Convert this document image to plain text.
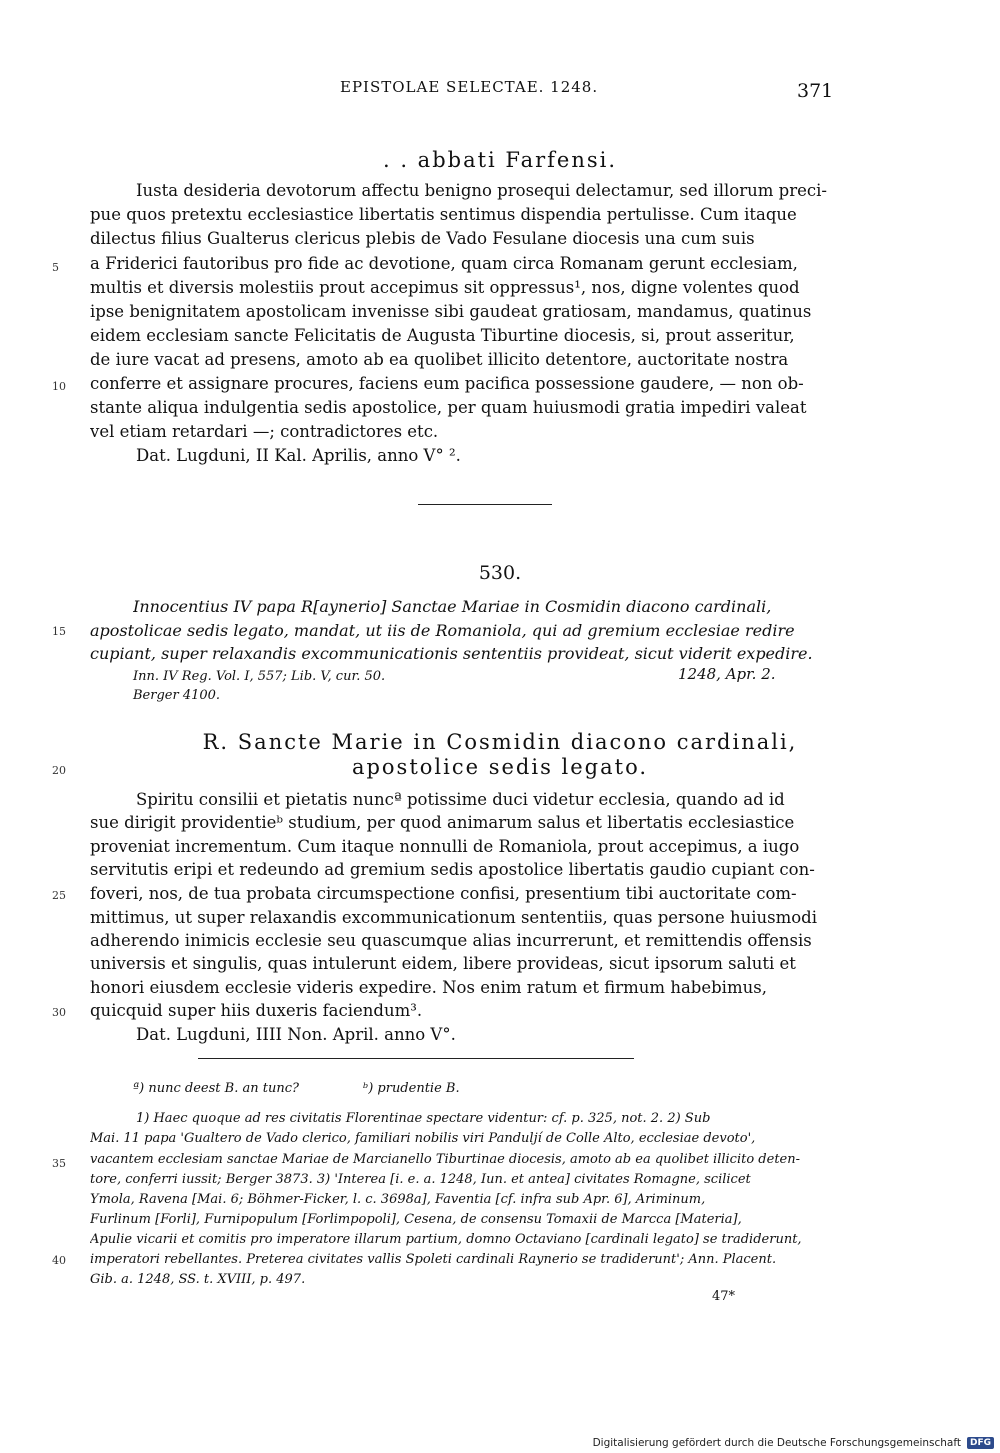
EPISTOLAE SELECTAE. 1248.	371
. . abbati Farfensi.
Iusta desideria devotorum affectu benigno prosequi delectamur, sed illorum preci-
pue quos pretextu ecclesiastice libertatis sentimus dispendia pertulisse. Cum itaque
dilectus filius Gualterus clericus plebis de Vado Fesulane diocesis una cum suis
a Friderici fautoribus pro fide ac devotione, quam circa Romanam gerunt ecclesiam,
multis et diversis molestiis prout accepimus sit oppressus¹, nos, digne volentes quod
ipse benignitatem apostolicam invenisse sibi gaudeat gratiosam, mandamus, quatinus
eidem ecclesiam sancte Felicitatis de Augusta Tiburtine diocesis, si, prout asseritur,
de iure vacat ad presens, amoto ab ea quolibet illicito detentore, auctoritate nostra
conferre et assignare procures, faciens eum pacifica possessione gaudere, — non ob-
stante aliqua indulgentia sedis apostolice, per quam huiusmodi gratia impediri valeat
vel etiam retardari —; contradictores etc.
Dat. Lugduni, II Kal. Aprilis, anno V° ².
5
10
530.
Innocentius IV papa R[aynerio] Sanctae Mariae in Cosmidin diacono cardinali,
apostolicae sedis legato, mandat, ut iis de Romaniola, qui ad gremium ecclesiae redire
cupiant, super relaxandis excommunicationis sententiis provideat, sicut viderit expedire.
Inn. IV Reg. Vol. I, 557; Lib. V, cur. 50.	1248, Apr. 2.
Berger 4100.
R. Sancte Marie in Cosmidin diacono cardinali,
apostolice sedis legato.
Spiritu consilii et pietatis nuncª potissime duci videtur ecclesia, quando ad id
sue dirigit providentieᵇ studium, per quod animarum salus et libertatis ecclesiastice
proveniat incrementum. Cum itaque nonnulli de Romaniola, prout accepimus, a iugo
servitutis eripi et redeundo ad gremium sedis apostolice libertatis gaudio cupiant con-
foveri, nos, de tua probata circumspectione confisi, presentium tibi auctoritate com-
mittimus, ut super relaxandis excommunicationum sententiis, quas persone huiusmodi
adherendo inimicis ecclesie seu quascumque alias incurrerunt, et remittendis offensis
universis et singulis, quas intulerunt eidem, libere provideas, sicut ipsorum saluti et
honori eiusdem ecclesie videris expedire. Nos enim ratum et firmum habebimus,
quicquid super hiis duxeris faciendum³.
Dat. Lugduni, IIII Non. April. anno V°.
15
20
25
30
ª) nunc deest B. an tunc?	ᵇ) prudentie B.
1) Haec quoque ad res civitatis Florentinae spectare videntur: cf. p. 325, not. 2. 2) Sub
Mai. 11 papa 'Gualtero de Vado clerico, familiari nobilis viri Panduljí de Colle Alto, ecclesiae devoto',
vacantem ecclesiam sanctae Mariae de Marcianello Tiburtinae diocesis, amoto ab ea quolibet illicito deten-
tore, conferri iussit; Berger 3873. 3) 'Interea [i. e. a. 1248, Iun. et antea] civitates Romagne, scilicet
Ymola, Ravena [Mai. 6; Böhmer-Ficker, l. c. 3698a], Faventia [cf. infra sub Apr. 6], Ariminum,
Furlinum [Forli], Furnipopulum [Forlimpopoli], Cesena, de consensu Tomaxii de Marcca [Materia],
Apulie vicarii et comitis pro imperatore illarum partium, domno Octaviano [cardinali legato] se tradiderunt,
imperatori rebellantes. Preterea civitates vallis Spoleti cardinali Raynerio se tradiderunt'; Ann. Placent.
Gib. a. 1248, SS. t. XVIII, p. 497.
35
40
47*
Digitalisierung gefördert durch die Deutsche Forschungsgemeinschaft	DFG
